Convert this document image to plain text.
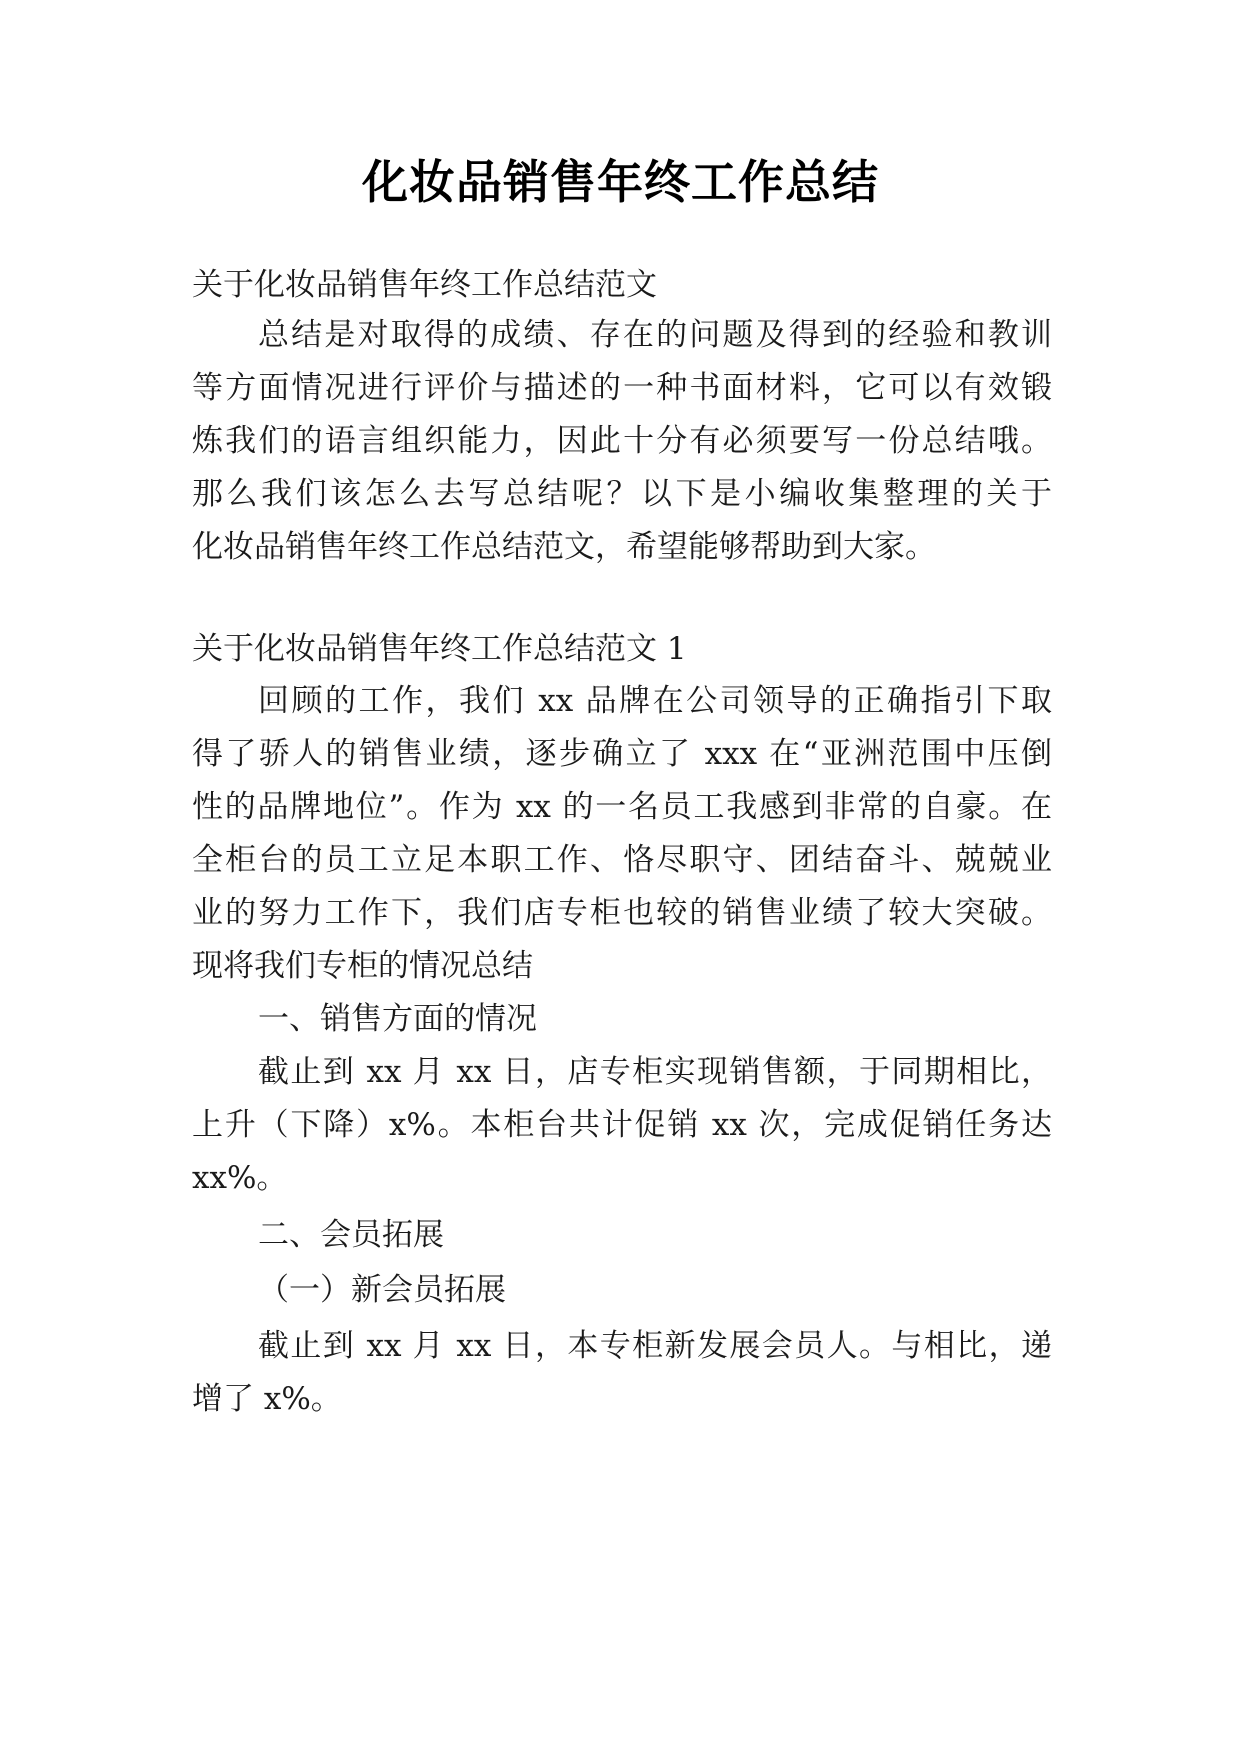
化妆品销售年终工作总结
关于化妆品销售年终工作总结范文
总结是对取得的成绩、存在的问题及得到的经验和教训
等方面情况进行评价与描述的一种书面材料，它可以有效锻
炼我们的语言组织能力，因此十分有必须要写一份总结哦。
那么我们该怎么去写总结呢？以下是小编收集整理的关于
化妆品销售年终工作总结范文，希望能够帮助到大家。
关于化妆品销售年终工作总结范文 1
回顾的工作，我们 xx 品牌在公司领导的正确指引下取
得了骄人的销售业绩，逐步确立了 xxx 在“亚洲范围中压倒
性的品牌地位”。作为 xx 的一名员工我感到非常的自豪。在
全柜台的员工立足本职工作、恪尽职守、团结奋斗、兢兢业
业的努力工作下，我们店专柜也较的销售业绩了较大突破。
现将我们专柜的情况总结
一、销售方面的情况
截止到 xx 月 xx 日，店专柜实现销售额，于同期相比，
上升（下降）x%。本柜台共计促销 xx 次，完成促销任务达
xx%。
二、会员拓展
（一）新会员拓展
截止到 xx 月 xx 日，本专柜新发展会员人。与相比，递
增了 x%。
